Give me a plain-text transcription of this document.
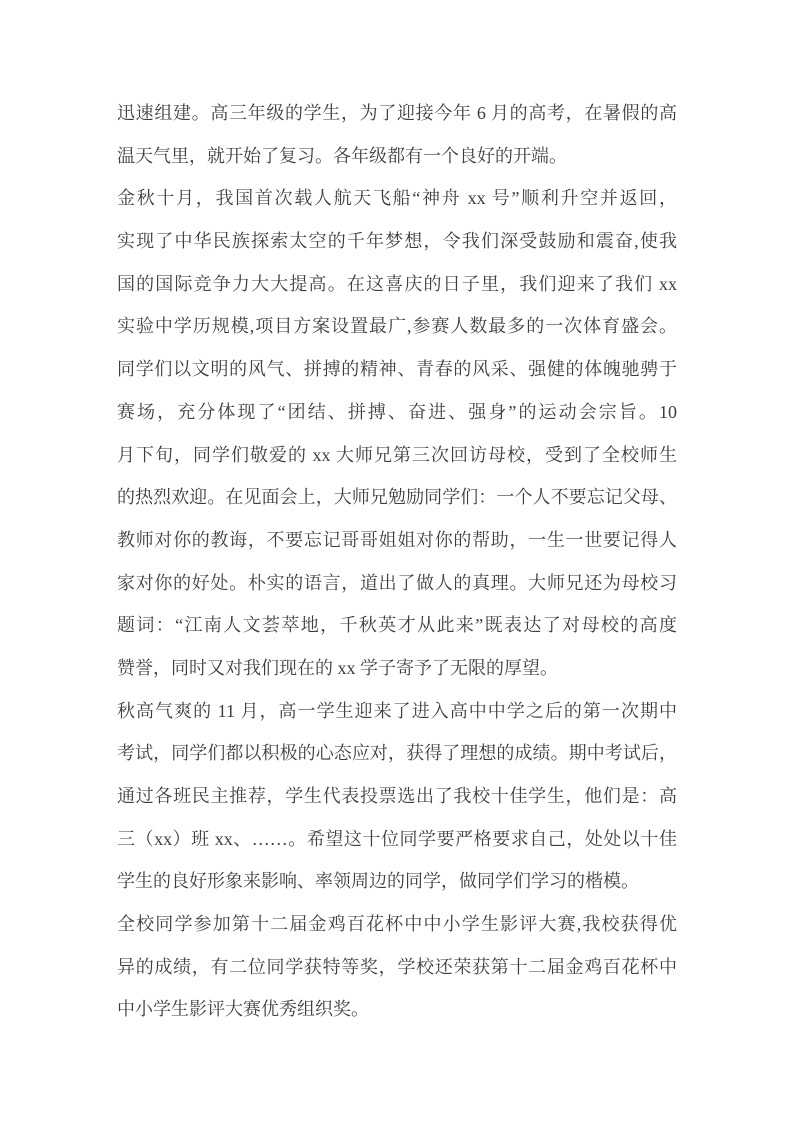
迅速组建。高三年级的学生，为了迎接今年 6 月的高考，在暑假的高
温天气里，就开始了复习。各年级都有一个良好的开端。
金秋十月，我国首次载人航天飞船“神舟 xx 号”顺利升空并返回，
实现了中华民族探索太空的千年梦想，令我们深受鼓励和震奋,使我
国的国际竞争力大大提高。在这喜庆的日子里，我们迎来了我们 xx
实验中学历规模,项目方案设置最广,参赛人数最多的一次体育盛会。
同学们以文明的风气、拼搏的精神、青春的风采、强健的体魄驰骋于
赛场，充分体现了“团结、拼搏、奋进、强身”的运动会宗旨。10
月下旬，同学们敬爱的 xx 大师兄第三次回访母校，受到了全校师生
的热烈欢迎。在见面会上，大师兄勉励同学们：一个人不要忘记父母、
教师对你的教诲，不要忘记哥哥姐姐对你的帮助，一生一世要记得人
家对你的好处。朴实的语言，道出了做人的真理。大师兄还为母校习
题词：“江南人文荟萃地，千秋英才从此来”既表达了对母校的高度
赞誉，同时又对我们现在的 xx 学子寄予了无限的厚望。
秋高气爽的 11 月，高一学生迎来了进入高中中学之后的第一次期中
考试，同学们都以积极的心态应对，获得了理想的成绩。期中考试后，
通过各班民主推荐，学生代表投票选出了我校十佳学生，他们是：高
三（xx）班 xx、……。希望这十位同学要严格要求自己，处处以十佳
学生的良好形象来影响、率领周边的同学，做同学们学习的楷模。
全校同学参加第十二届金鸡百花杯中中小学生影评大赛,我校获得优
异的成绩，有二位同学获特等奖，学校还荣获第十二届金鸡百花杯中
中小学生影评大赛优秀组织奖。
